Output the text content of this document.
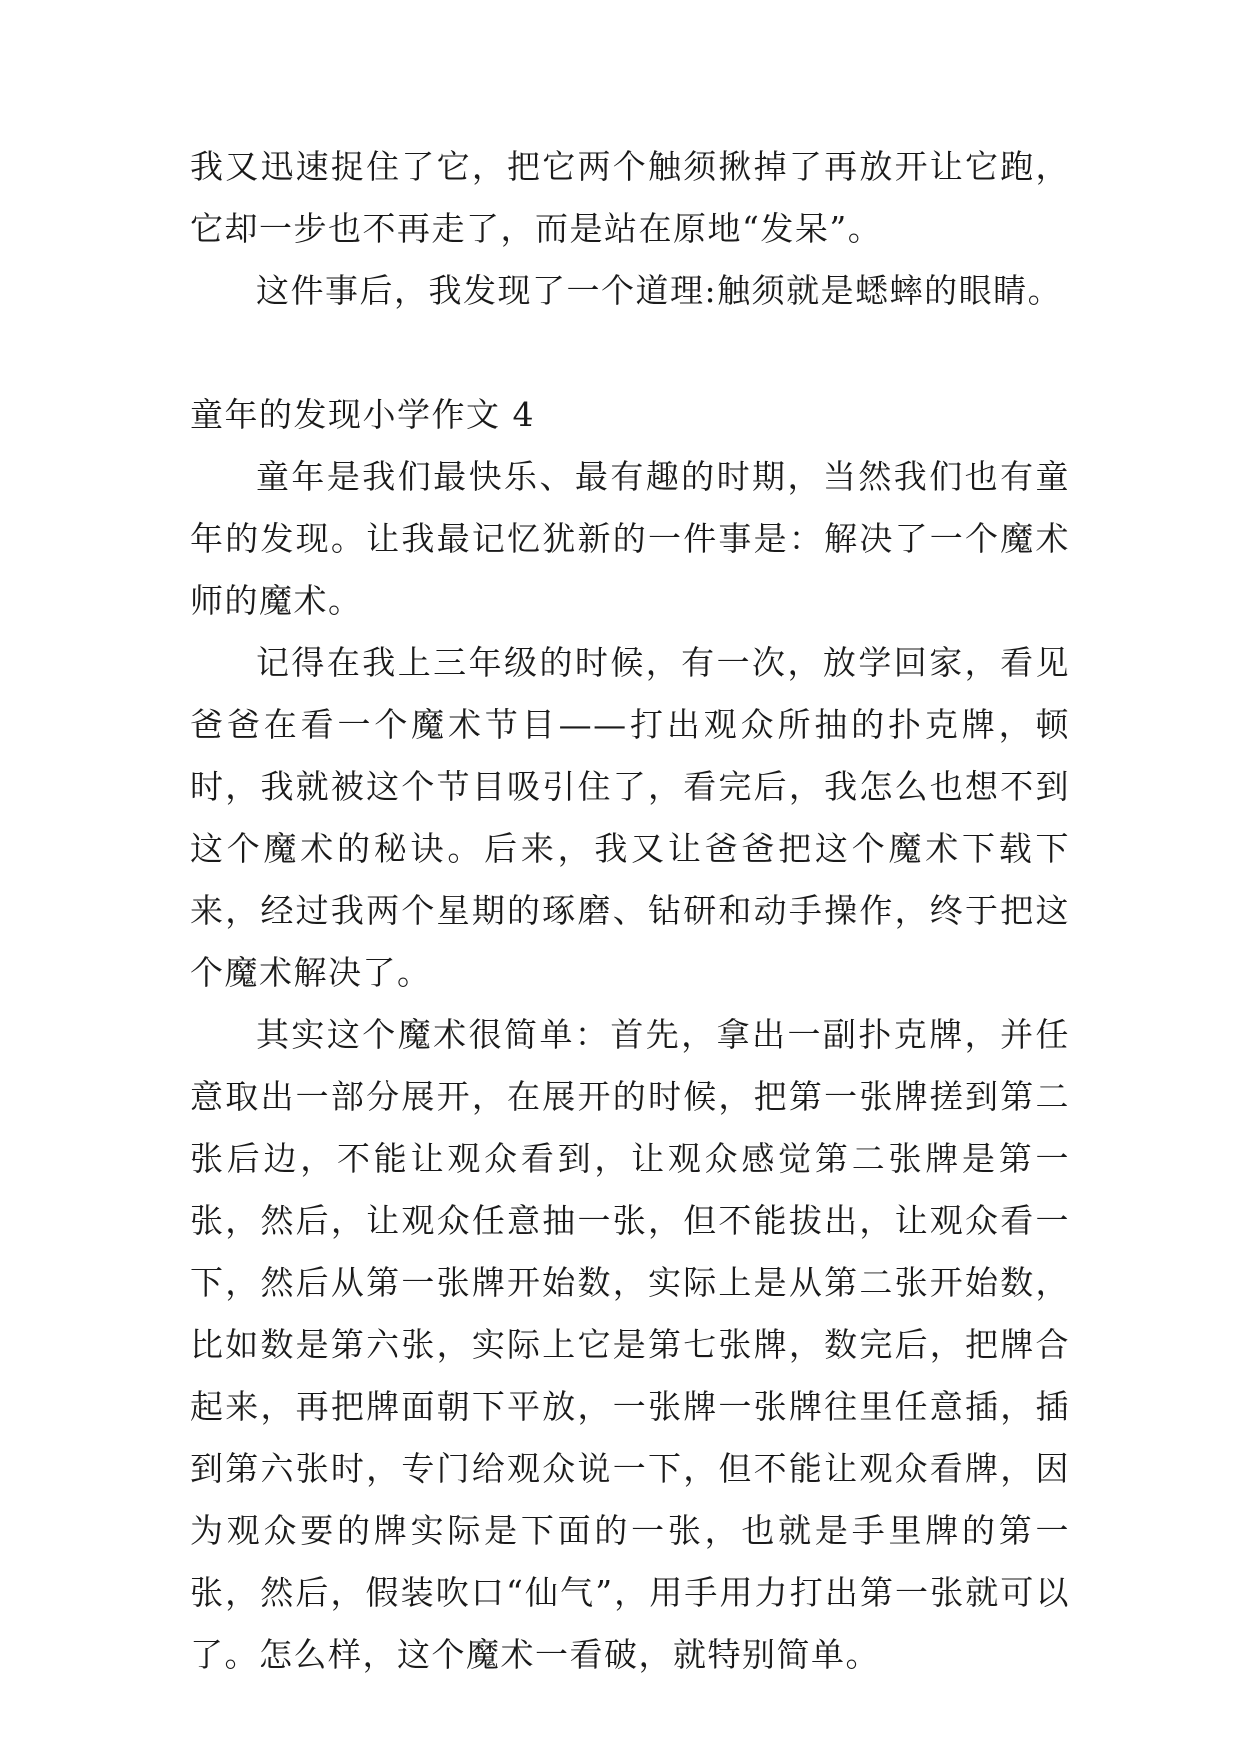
我又迅速捉住了它，把它两个触须揪掉了再放开让它跑，它却一步也不再走了，而是站在原地“发呆”。

这件事后，我发现了一个道理:触须就是蟋蟀的眼睛。

童年的发现小学作文 4

童年是我们最快乐、最有趣的时期，当然我们也有童年的发现。让我最记忆犹新的一件事是：解决了一个魔术师的魔术。

记得在我上三年级的时候，有一次，放学回家，看见爸爸在看一个魔术节目——打出观众所抽的扑克牌，顿时，我就被这个节目吸引住了，看完后，我怎么也想不到这个魔术的秘诀。后来，我又让爸爸把这个魔术下载下来，经过我两个星期的琢磨、钻研和动手操作，终于把这个魔术解决了。

其实这个魔术很简单：首先，拿出一副扑克牌，并任意取出一部分展开，在展开的时候，把第一张牌搓到第二张后边，不能让观众看到，让观众感觉第二张牌是第一张，然后，让观众任意抽一张，但不能拔出，让观众看一下，然后从第一张牌开始数，实际上是从第二张开始数，比如数是第六张，实际上它是第七张牌，数完后，把牌合起来，再把牌面朝下平放，一张牌一张牌往里任意插，插到第六张时，专门给观众说一下，但不能让观众看牌，因为观众要的牌实际是下面的一张，也就是手里牌的第一张，然后，假装吹口“仙气”，用手用力打出第一张就可以了。怎么样，这个魔术一看破，就特别简单。
